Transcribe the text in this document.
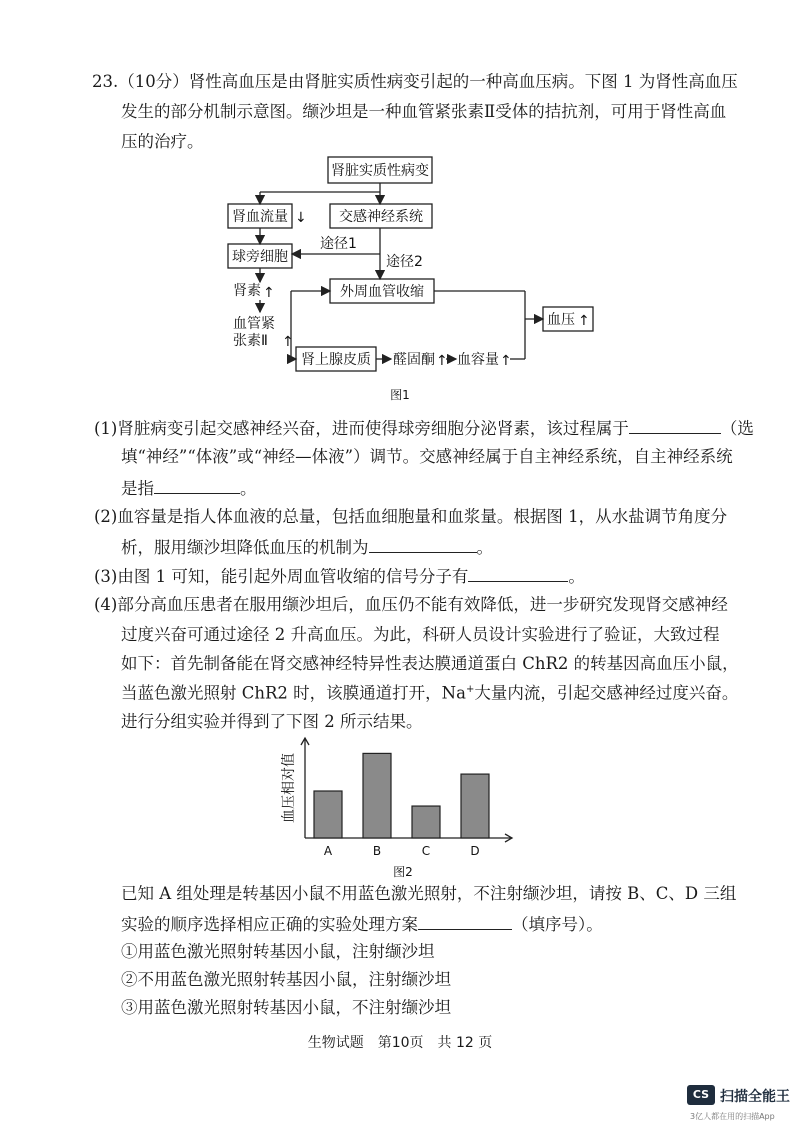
23.（10分）肾性高血压是由肾脏实质性病变引起的一种高血压病。下图 1 为肾性高血压
发生的部分机制示意图。缬沙坦是一种血管紧张素Ⅱ受体的拮抗剂，可用于肾性高血
压的治疗。
肾脏实质性病变
肾血流量 ↓ 交感神经系统
球旁细胞
外周血管收缩
血压 ↑
肾上腺皮质 醛固酮 ↑ 血容量 ↑
途径1
途径2
肾素 ↑
血管紧
张素Ⅱ ↑
图1
(1)肾脏病变引起交感神经兴奋，进而使得球旁细胞分泌肾素，该过程属于	（选
填“神经”“体液”或“神经—体液”）调节。交感神经属于自主神经系统，自主神经系统
是指	。
(2)血容量是指人体血液的总量，包括血细胞量和血浆量。根据图 1，从水盐调节角度分
析，服用缬沙坦降低血压的机制为	。
(3)由图 1 可知，能引起外周血管收缩的信号分子有	。
(4)部分高血压患者在服用缬沙坦后，血压仍不能有效降低，进一步研究发现肾交感神经
过度兴奋可通过途径 2 升高血压。为此，科研人员设计实验进行了验证，大致过程
如下：首先制备能在肾交感神经特异性表达膜通道蛋白 ChR2 的转基因高血压小鼠，
当蓝色激光照射 ChR2 时，该膜通道打开，Na+大量内流，引起交感神经过度兴奋。
进行分组实验并得到了下图 2 所示结果。
血压相对值
A	B	C	D
图2
已知 A 组处理是转基因小鼠不用蓝色激光照射，不注射缬沙坦，请按 B、C、D 三组
实验的顺序选择相应正确的实验处理方案	（填序号）。
①用蓝色激光照射转基因小鼠，注射缬沙坦
②不用蓝色激光照射转基因小鼠，注射缬沙坦
③用蓝色激光照射转基因小鼠，不注射缬沙坦
生物试题　第10页　共 12 页
CS 扫描全能王
3亿人都在用的扫描App
